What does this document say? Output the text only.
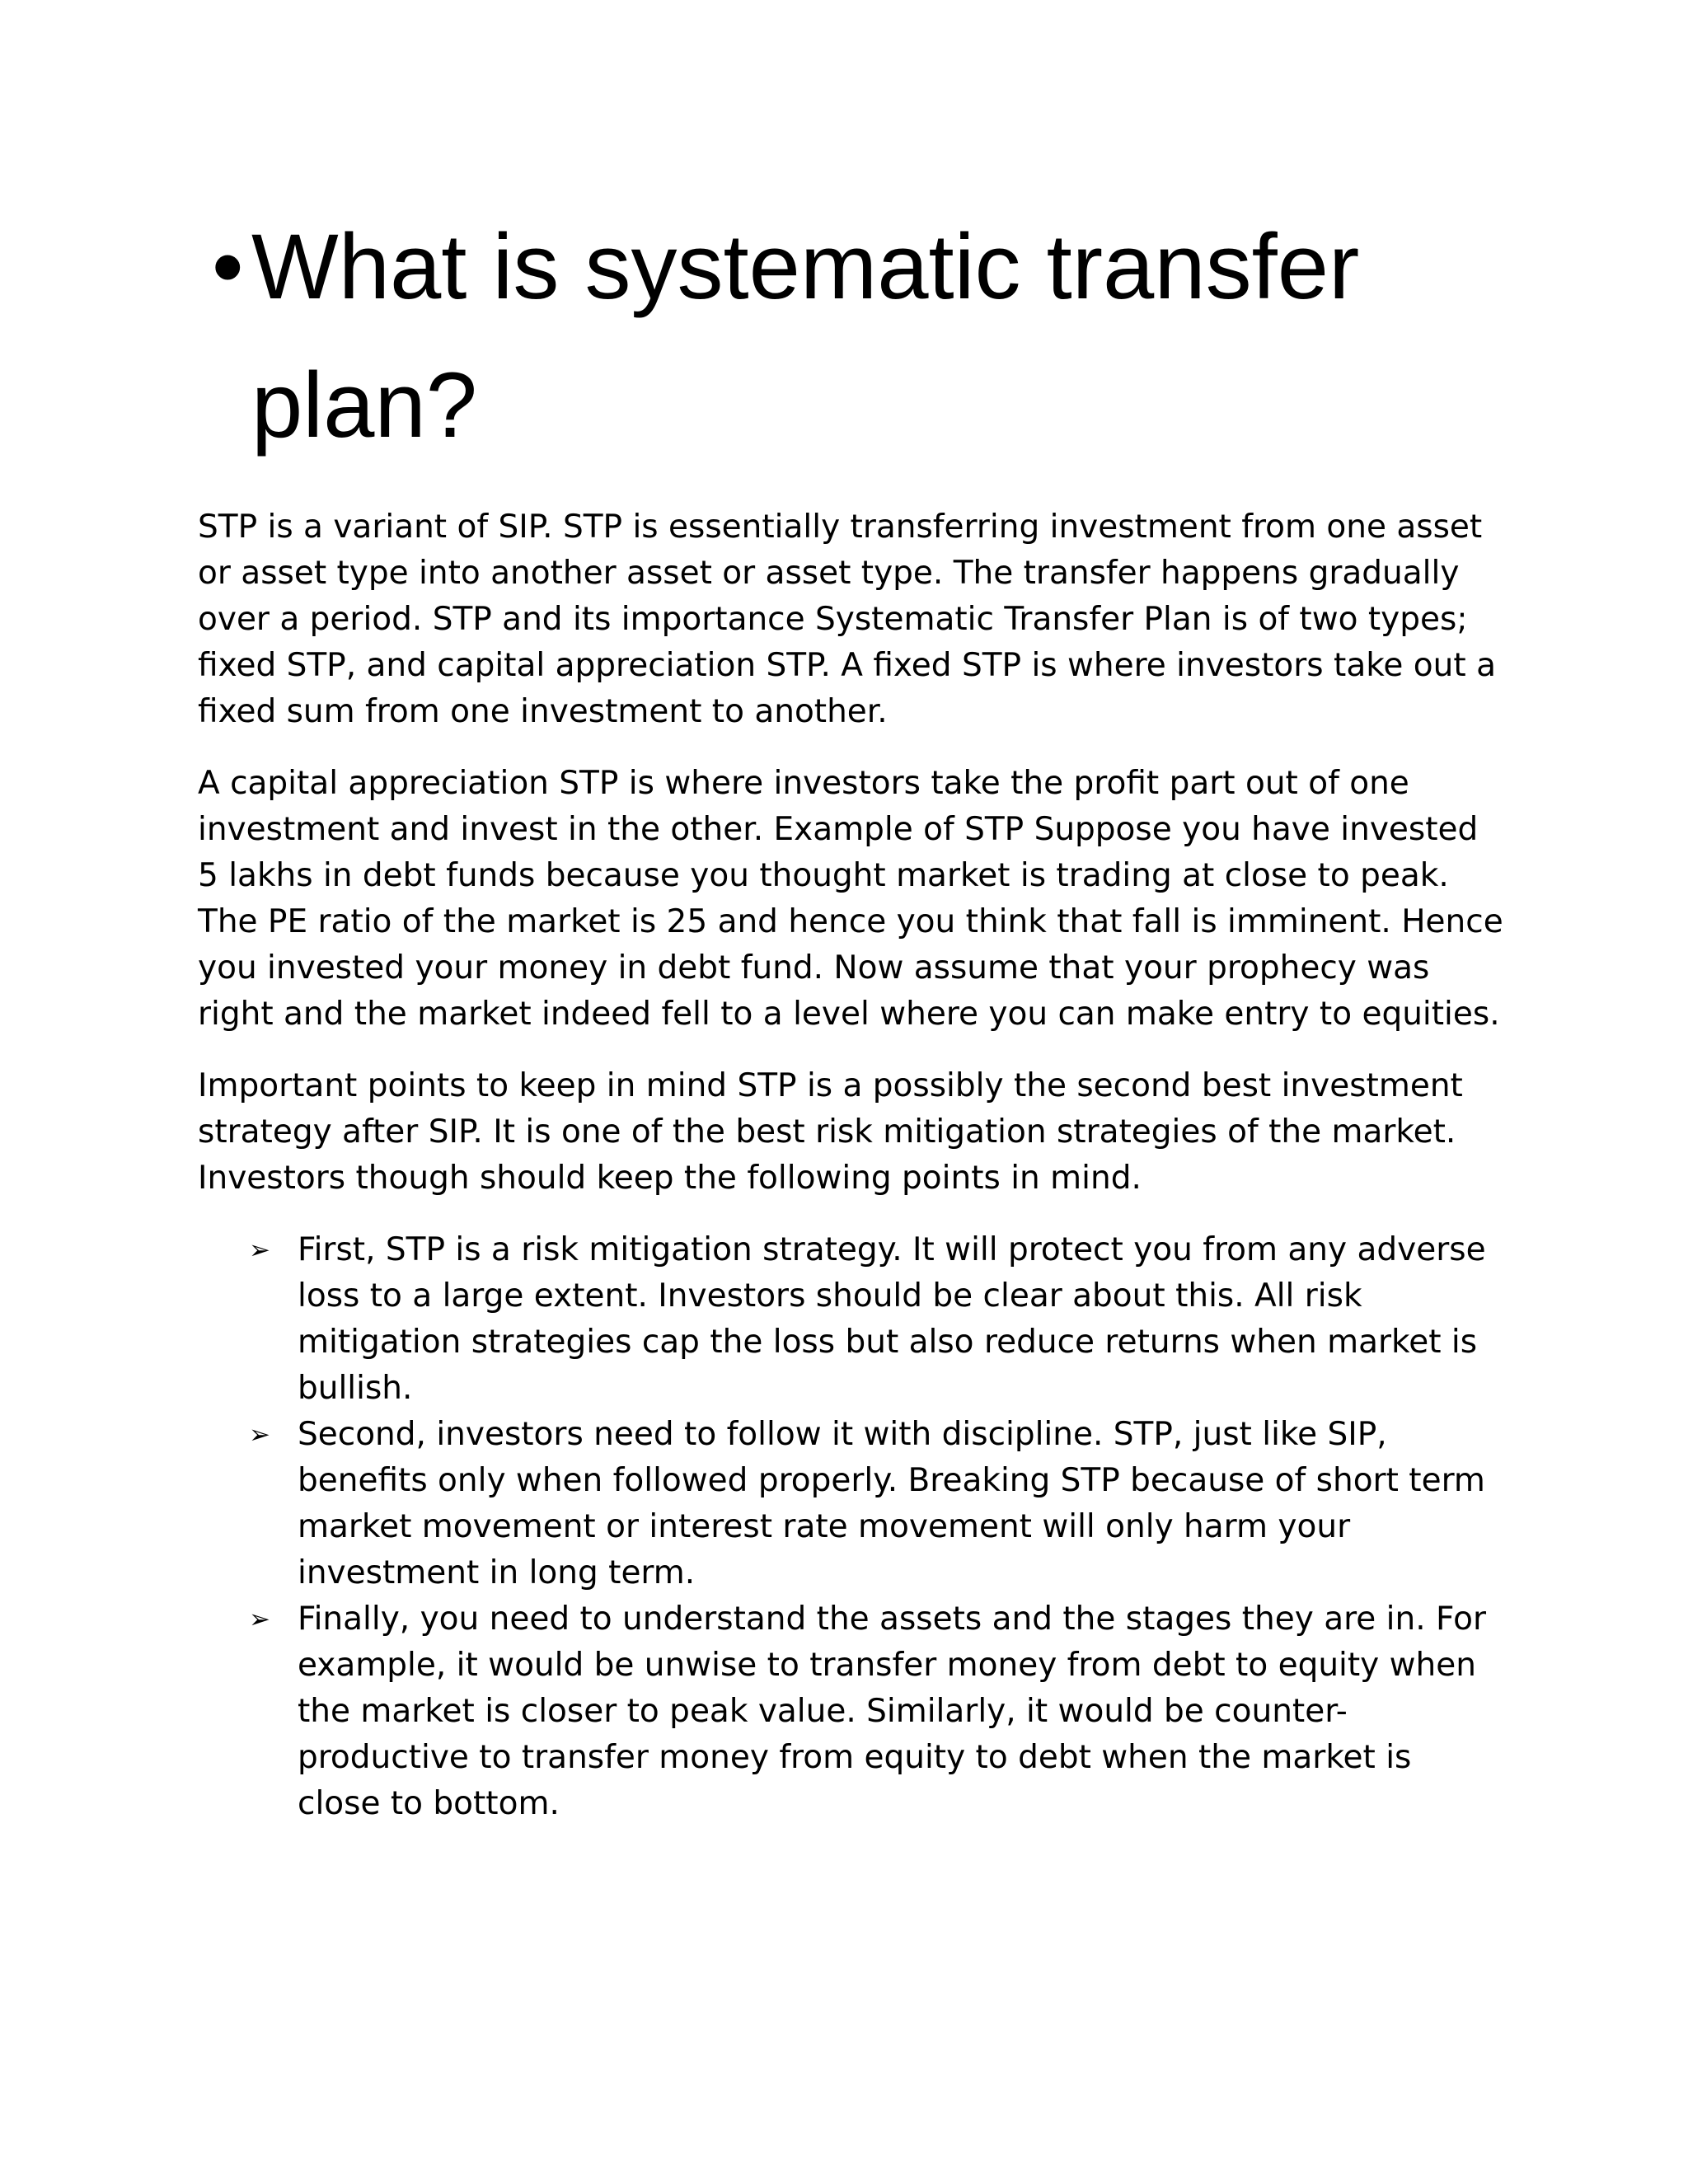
• What is systematic transfer plan?

STP is a variant of SIP. STP is essentially transferring investment from one asset or asset type into another asset or asset type. The transfer happens gradually over a period. STP and its importance Systematic Transfer Plan is of two types; fixed STP, and capital appreciation STP. A fixed STP is where investors take out a fixed sum from one investment to another.

A capital appreciation STP is where investors take the profit part out of one investment and invest in the other. Example of STP Suppose you have invested 5 lakhs in debt funds because you thought market is trading at close to peak. The PE ratio of the market is 25 and hence you think that fall is imminent. Hence you invested your money in debt fund. Now assume that your prophecy was right and the market indeed fell to a level where you can make entry to equities.

Important points to keep in mind STP is a possibly the second best investment strategy after SIP. It is one of the best risk mitigation strategies of the market. Investors though should keep the following points in mind.

➢ First, STP is a risk mitigation strategy. It will protect you from any adverse loss to a large extent. Investors should be clear about this. All risk mitigation strategies cap the loss but also reduce returns when market is bullish.
➢ Second, investors need to follow it with discipline. STP, just like SIP, benefits only when followed properly. Breaking STP because of short term market movement or interest rate movement will only harm your investment in long term.
➢ Finally, you need to understand the assets and the stages they are in. For example, it would be unwise to transfer money from debt to equity when the market is closer to peak value. Similarly, it would be counter-productive to transfer money from equity to debt when the market is close to bottom.
